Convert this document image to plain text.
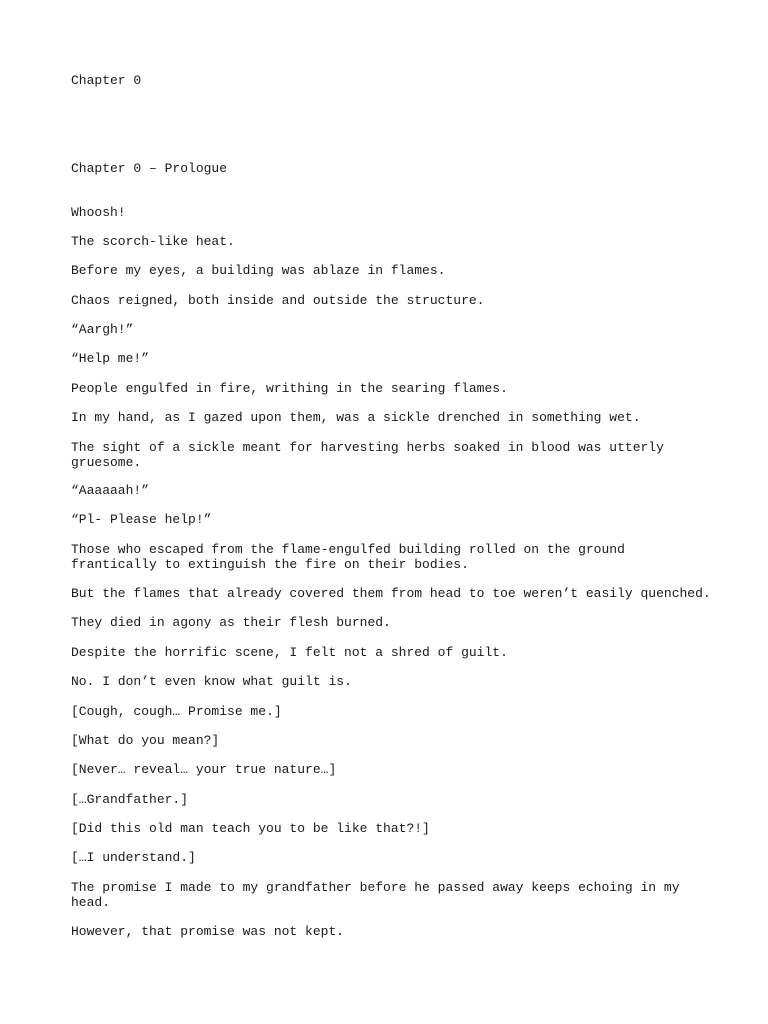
Chapter 0

Chapter 0 – Prologue

Whoosh!

The scorch-like heat.

Before my eyes, a building was ablaze in flames.

Chaos reigned, both inside and outside the structure.

“Aargh!”

“Help me!”

People engulfed in fire, writhing in the searing flames.

In my hand, as I gazed upon them, was a sickle drenched in something wet.

The sight of a sickle meant for harvesting herbs soaked in blood was utterly gruesome.

“Aaaaaah!”

“Pl- Please help!”

Those who escaped from the flame-engulfed building rolled on the ground frantically to extinguish the fire on their bodies.

But the flames that already covered them from head to toe weren’t easily quenched.

They died in agony as their flesh burned.

Despite the horrific scene, I felt not a shred of guilt.

No. I don’t even know what guilt is.

[Cough, cough… Promise me.]

[What do you mean?]

[Never… reveal… your true nature…]

[…Grandfather.]

[Did this old man teach you to be like that?!]

[…I understand.]

The promise I made to my grandfather before he passed away keeps echoing in my head.

However, that promise was not kept.
